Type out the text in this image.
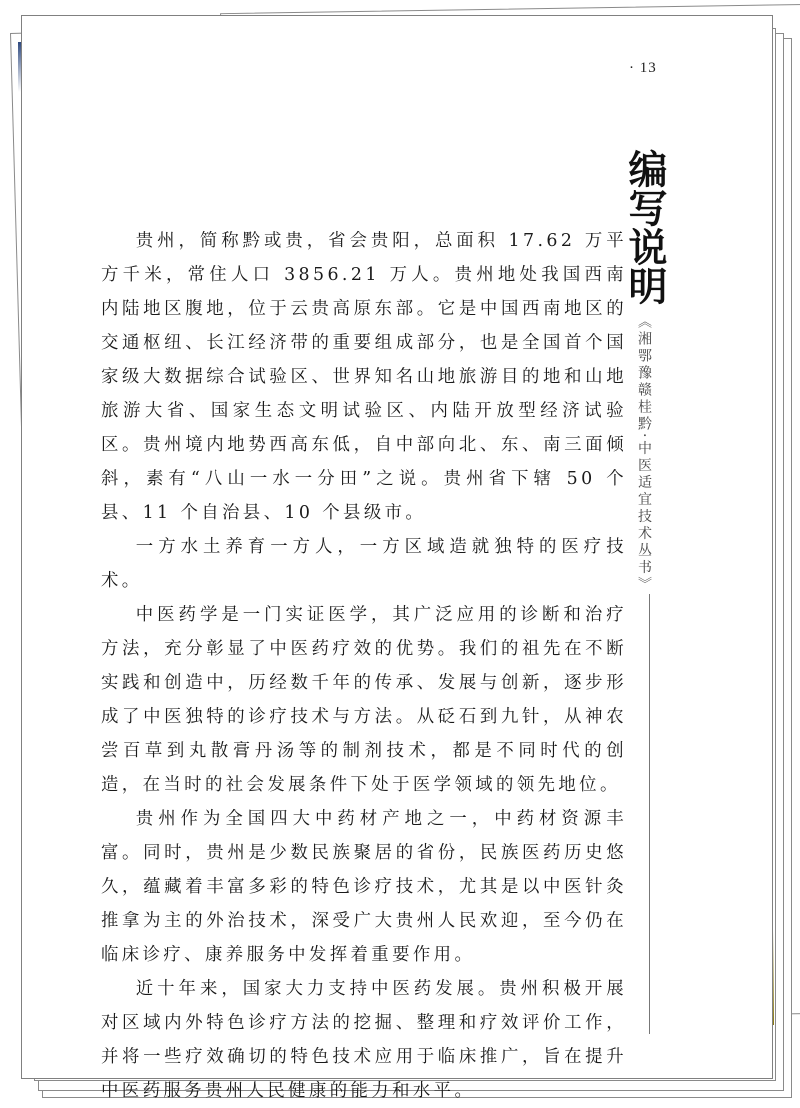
· 13
编写说明
《湘鄂豫赣桂黔·中医适宜技术丛书》

贵州，简称黔或贵，省会贵阳，总面积 17.62 万平方千米，常住人口 3856.21 万人。贵州地处我国西南内陆地区腹地，位于云贵高原东部。它是中国西南地区的交通枢纽、长江经济带的重要组成部分，也是全国首个国家级大数据综合试验区、世界知名山地旅游目的地和山地旅游大省、国家生态文明试验区、内陆开放型经济试验区。贵州境内地势西高东低，自中部向北、东、南三面倾斜，素有“八山一水一分田”之说。贵州省下辖 50 个县、11 个自治县、10 个县级市。

一方水土养育一方人，一方区域造就独特的医疗技术。

中医药学是一门实证医学，其广泛应用的诊断和治疗方法，充分彰显了中医药疗效的优势。我们的祖先在不断实践和创造中，历经数千年的传承、发展与创新，逐步形成了中医独特的诊疗技术与方法。从砭石到九针，从神农尝百草到丸散膏丹汤等的制剂技术，都是不同时代的创造，在当时的社会发展条件下处于医学领域的领先地位。

贵州作为全国四大中药材产地之一，中药材资源丰富。同时，贵州是少数民族聚居的省份，民族医药历史悠久，蕴藏着丰富多彩的特色诊疗技术，尤其是以中医针灸推拿为主的外治技术，深受广大贵州人民欢迎，至今仍在临床诊疗、康养服务中发挥着重要作用。

近十年来，国家大力支持中医药发展。贵州积极开展对区域内外特色诊疗方法的挖掘、整理和疗效评价工作，并将一些疗效确切的特色技术应用于临床推广，旨在提升中医药服务贵州人民健康的能力和水平。
